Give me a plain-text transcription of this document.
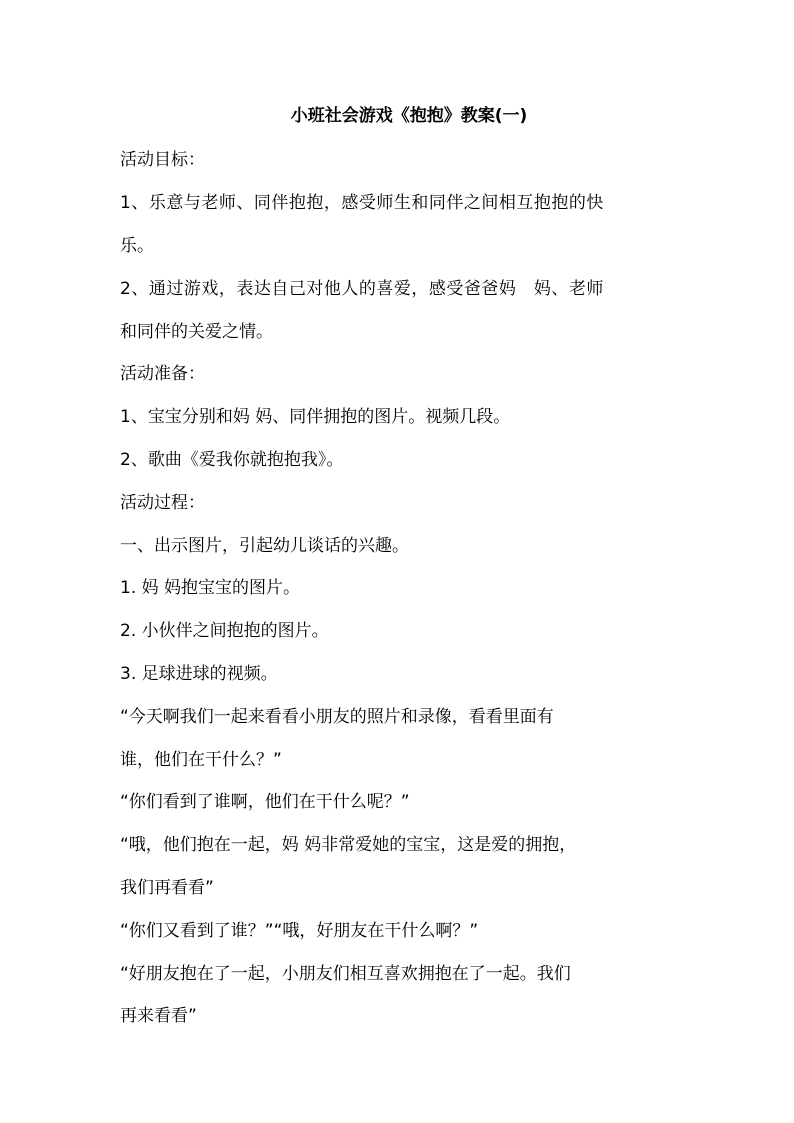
小班社会游戏《抱抱》教案(一)
活动目标：
1、乐意与老师、同伴抱抱，感受师生和同伴之间相互抱抱的快
乐。
2、通过游戏，表达自己对他人的喜爱，感受爸爸妈　妈、老师
和同伴的关爱之情。
活动准备：
1、宝宝分别和妈 妈、同伴拥抱的图片。视频几段。
2、歌曲《爱我你就抱抱我》。
活动过程：
一、出示图片，引起幼儿谈话的兴趣。
1. 妈 妈抱宝宝的图片。
2. 小伙伴之间抱抱的图片。
3. 足球进球的视频。
“今天啊我们一起来看看小朋友的照片和录像，看看里面有
谁，他们在干什么？”
“你们看到了谁啊，他们在干什么呢？”
“哦，他们抱在一起，妈 妈非常爱她的宝宝，这是爱的拥抱，
我们再看看”
“你们又看到了谁？”“哦，好朋友在干什么啊？”
“好朋友抱在了一起，小朋友们相互喜欢拥抱在了一起。我们
再来看看”
